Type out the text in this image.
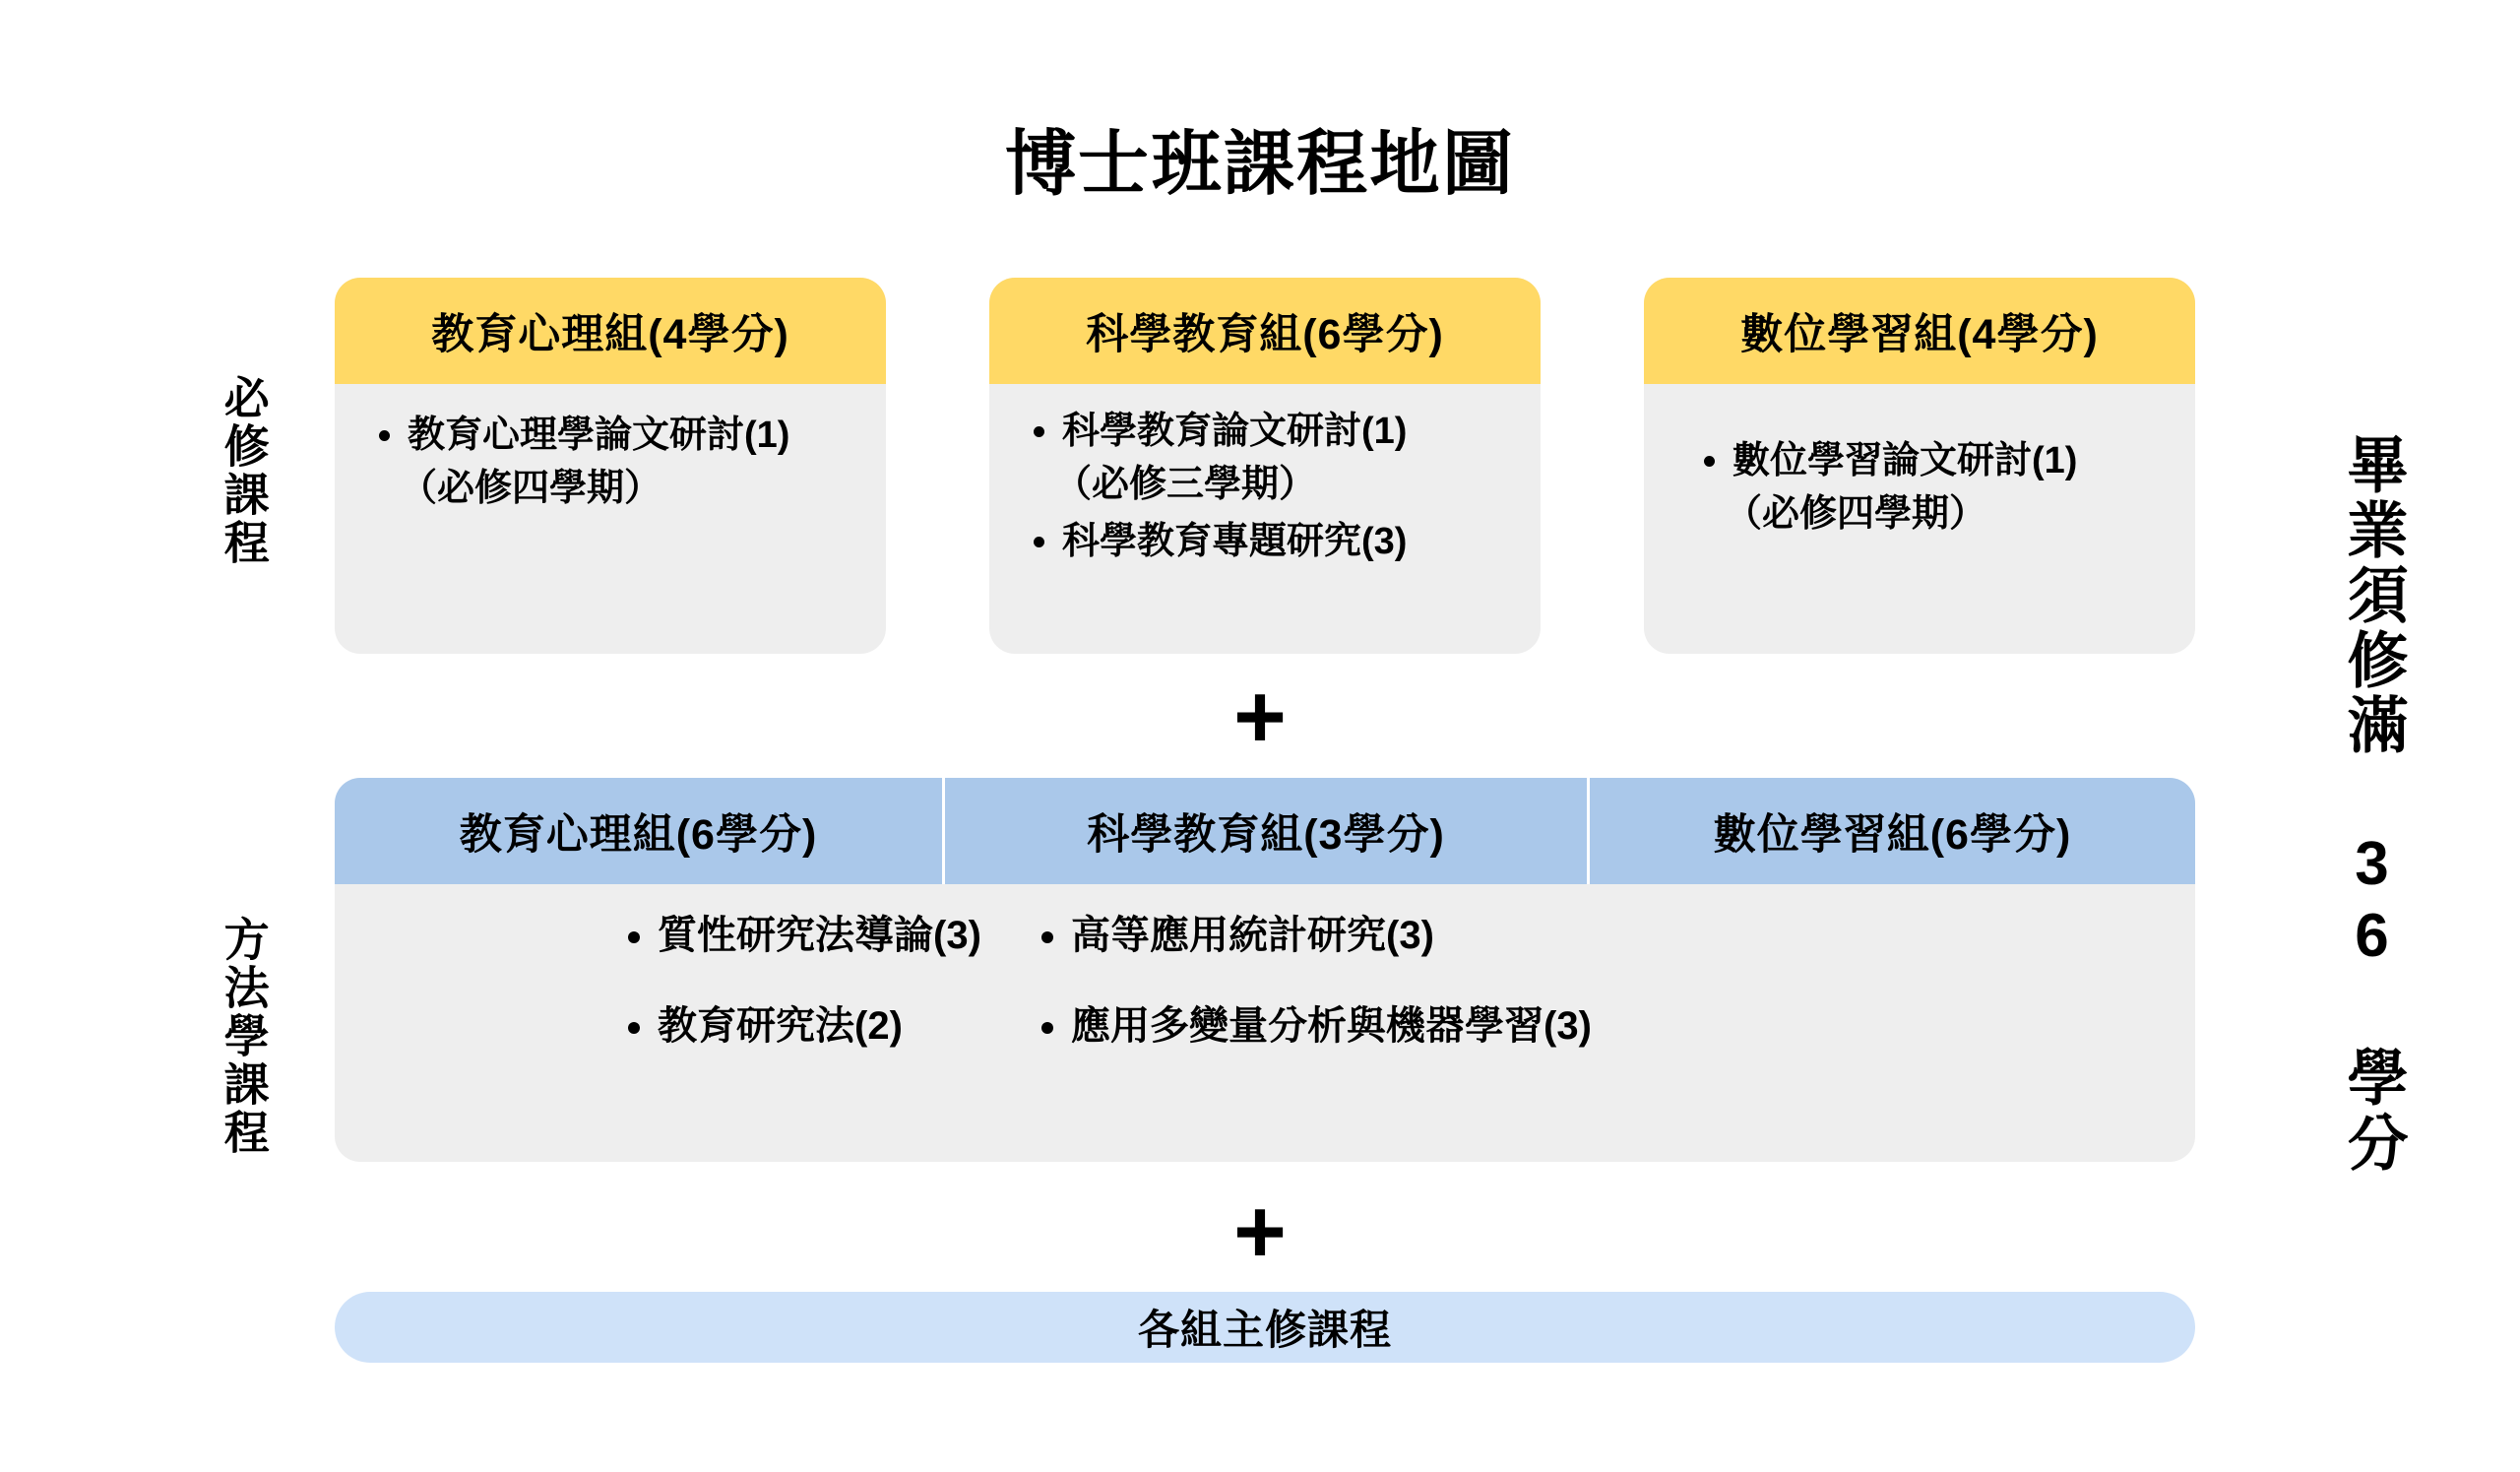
博士班課程地圖
必修課程
方法學課程	畢業須修滿 36 學分
教育心理組(4學分)
• 教育心理學論文研討(1)
（必修四學期）
科學教育組(6學分)
• 科學教育論文研討(1)
（必修三學期）
• 科學教育專題研究(3)
數位學習組(4學分)
• 數位學習論文研討(1)
（必修四學期）
+
教育心理組(6學分)	科學教育組(3學分)	數位學習組(6學分)
• 質性研究法導論(3)
• 教育研究法(2)
• 高等應用統計研究(3)
• 應用多變量分析與機器學習(3)
+
各組主修課程
